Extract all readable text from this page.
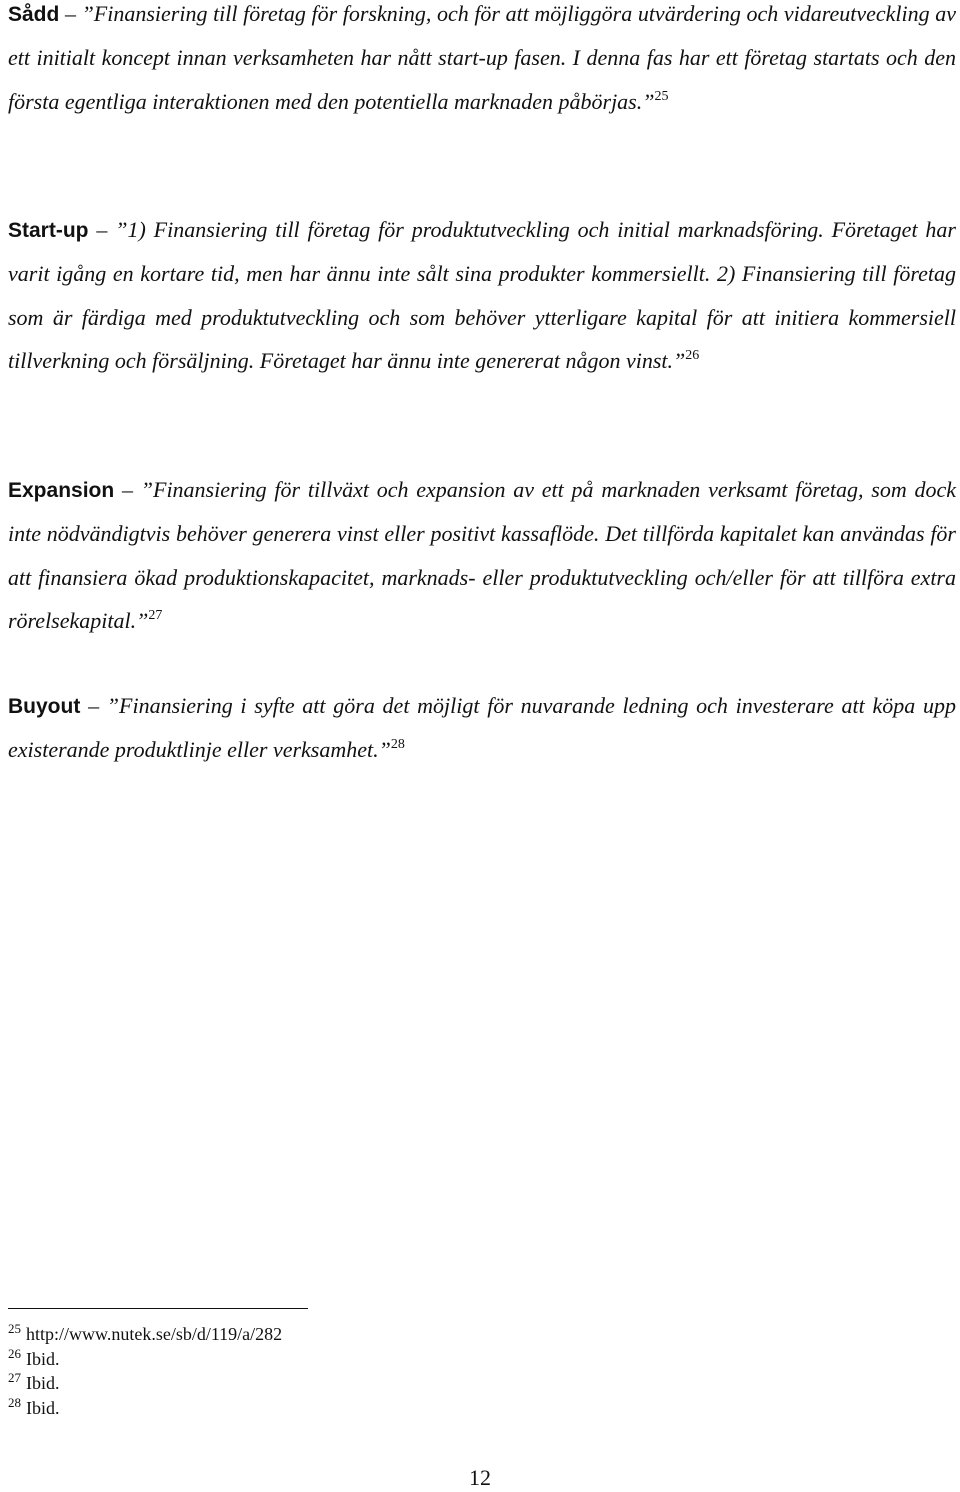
Sådd – ”Finansiering till företag för forskning, och för att möjliggöra utvärdering och vidareutveckling av ett initialt koncept innan verksamheten har nått start-up fasen. I denna fas har ett företag startats och den första egentliga interaktionen med den potentiella marknaden påbörjas.”$^{25}$

Start-up – ”1) Finansiering till företag för produktutveckling och initial marknadsföring. Företaget har varit igång en kortare tid, men har ännu inte sålt sina produkter kommersiellt. 2) Finansiering till företag som är färdiga med produktutveckling och som behöver ytterligare kapital för att initiera kommersiell tillverkning och försäljning. Företaget har ännu inte genererat någon vinst.”$^{26}$

Expansion – ”Finansiering för tillväxt och expansion av ett på marknaden verksamt företag, som dock inte nödvändigtvis behöver generera vinst eller positivt kassaflöde. Det tillförda kapitalet kan användas för att finansiera ökad produktionskapacitet, marknads- eller produktutveckling och/eller för att tillföra extra rörelsekapital.”$^{27}$

Buyout – ”Finansiering i syfte att göra det möjligt för nuvarande ledning och investerare att köpa upp existerande produktlinje eller verksamhet.”$^{28}$

$^{25}$ http://www.nutek.se/sb/d/119/a/282
$^{26}$ Ibid.
$^{27}$ Ibid.
$^{28}$ Ibid.
12
